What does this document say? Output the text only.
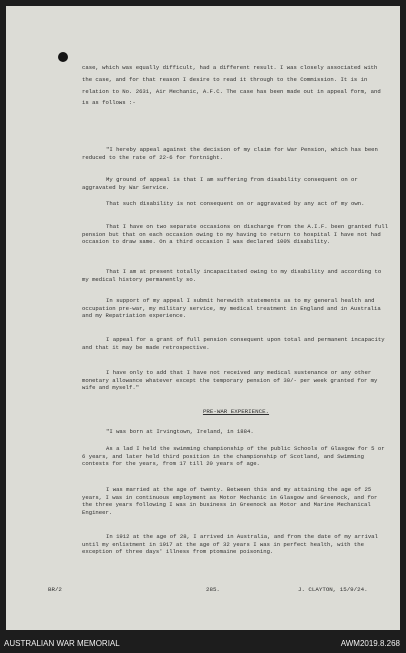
case, which was equally difficult, had a different result. I was closely associated with the case, and for that reason I desire to read it through to the Commission. It is in relation to No. 2631, Air Mechanic, A.F.C. The case has been made out in appeal form, and is as follows :-

"I hereby appeal against the decision of my claim for War Pension, which has been reduced to the rate of 22-6 for fortnight.

My ground of appeal is that I am suffering from disability consequent on or aggravated by War Service.

That such disability is not consequent on or aggravated by any act of my own.

That I have on two separate occasions on discharge from the A.I.F. been granted full pension but that on each occasion owing to my having to return to hospital I have not had occasion to draw same. On a third occasion I was declared 100% disability.

That I am at present totally incapacitated owing to my disability and according to my medical history permanently so.

In support of my appeal I submit herewith statements as to my general health and occupation pre-war, my military service, my medical treatment in England and in Australia and my Repatriation experience.

I appeal for a grant of full pension consequent upon total and permanent incapacity and that it may be made retrospective.

I have only to add that I have not received any medical sustenance or any other monetary allowance whatever except the temporary pension of 30/- per week granted for my wife and myself."

PRE-WAR EXPERIENCE.

"I was born at Irvingtown, Ireland, in 1884.

As a lad I held the swimming championship of the public Schools of Glasgow for 5 or 6 years, and later held third position in the championship of Scotland, and Swimming contests for the years, from 17 till 20 years of age.

I was married at the age of twenty. Between this and my attaining the age of 25 years, I was in continuous employment as Motor Mechanic in Glasgow and Greenock, and for the three years following I was in business in Greenock as Motor and Marine Mechanical Engineer.

In 1912 at the age of 28, I arrived in Australia, and from the date of my arrival until my enlistment in 1917 at the age of 32 years I was in perfect health, with the exception of three days' illness from ptomaine poisoning.

BR/2	285.	J. CLAYTON, 15/9/24.
AUSTRALIAN WAR MEMORIAL	AWM2019.8.268
